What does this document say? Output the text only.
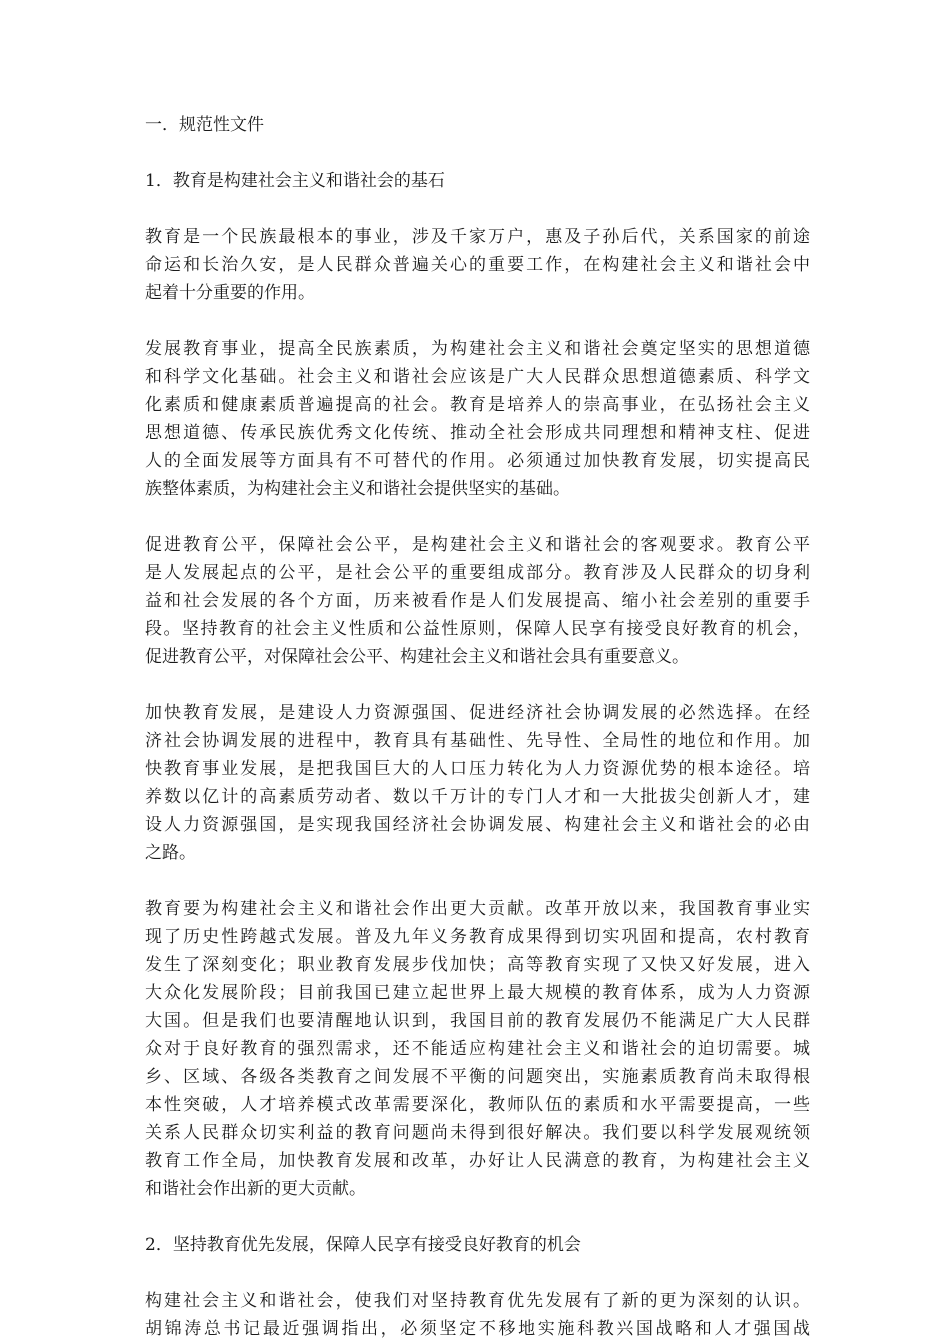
一．规范性文件

1．教育是构建社会主义和谐社会的基石

教育是一个民族最根本的事业，涉及千家万户，惠及子孙后代，关系国家的前途

命运和长治久安，是人民群众普遍关心的重要工作，在构建社会主义和谐社会中

起着十分重要的作用。

发展教育事业，提高全民族素质，为构建社会主义和谐社会奠定坚实的思想道德

和科学文化基础。社会主义和谐社会应该是广大人民群众思想道德素质、科学文

化素质和健康素质普遍提高的社会。教育是培养人的崇高事业，在弘扬社会主义

思想道德、传承民族优秀文化传统、推动全社会形成共同理想和精神支柱、促进

人的全面发展等方面具有不可替代的作用。必须通过加快教育发展，切实提高民

族整体素质，为构建社会主义和谐社会提供坚实的基础。

促进教育公平，保障社会公平，是构建社会主义和谐社会的客观要求。教育公平

是人发展起点的公平，是社会公平的重要组成部分。教育涉及人民群众的切身利

益和社会发展的各个方面，历来被看作是人们发展提高、缩小社会差别的重要手

段。坚持教育的社会主义性质和公益性原则，保障人民享有接受良好教育的机会，

促进教育公平，对保障社会公平、构建社会主义和谐社会具有重要意义。

加快教育发展，是建设人力资源强国、促进经济社会协调发展的必然选择。在经

济社会协调发展的进程中，教育具有基础性、先导性、全局性的地位和作用。加

快教育事业发展，是把我国巨大的人口压力转化为人力资源优势的根本途径。培

养数以亿计的高素质劳动者、数以千万计的专门人才和一大批拔尖创新人才，建

设人力资源强国，是实现我国经济社会协调发展、构建社会主义和谐社会的必由

之路。

教育要为构建社会主义和谐社会作出更大贡献。改革开放以来，我国教育事业实

现了历史性跨越式发展。普及九年义务教育成果得到切实巩固和提高，农村教育

发生了深刻变化；职业教育发展步伐加快；高等教育实现了又快又好发展，进入

大众化发展阶段；目前我国已建立起世界上最大规模的教育体系，成为人力资源

大国。但是我们也要清醒地认识到，我国目前的教育发展仍不能满足广大人民群

众对于良好教育的强烈需求，还不能适应构建社会主义和谐社会的迫切需要。城

乡、区域、各级各类教育之间发展不平衡的问题突出，实施素质教育尚未取得根

本性突破，人才培养模式改革需要深化，教师队伍的素质和水平需要提高，一些

关系人民群众切实利益的教育问题尚未得到很好解决。我们要以科学发展观统领

教育工作全局，加快教育发展和改革，办好让人民满意的教育，为构建社会主义

和谐社会作出新的更大贡献。

2．坚持教育优先发展，保障人民享有接受良好教育的机会

构建社会主义和谐社会，使我们对坚持教育优先发展有了新的更为深刻的认识。

胡锦涛总书记最近强调指出，必须坚定不移地实施科教兴国战略和人才强国战
